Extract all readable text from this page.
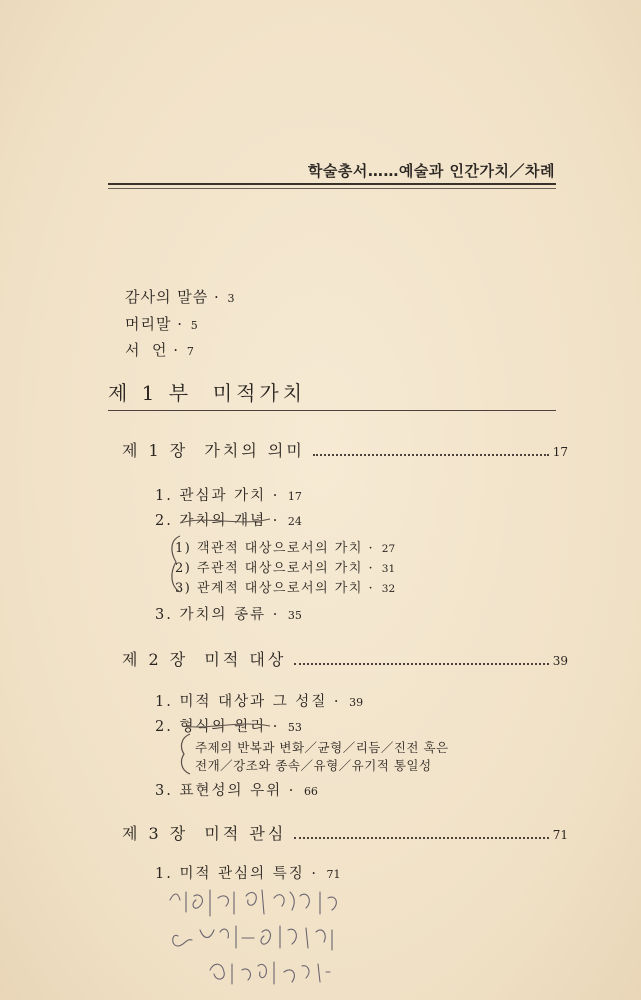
학술총서……예술과 인간가치／차례
감사의 말씀 · 3
머리말 · 5
서  언 · 7
제 1 부  미적가치
제 1 장  가치의 의미	17
1. 관심과 가치 · 17
2. 가치의 개념 · 24
1) 객관적 대상으로서의 가치 · 27
2) 주관적 대상으로서의 가치 · 31
3) 관계적 대상으로서의 가치 · 32
3. 가치의 종류 · 35
제 2 장  미적 대상	39
1. 미적 대상과 그 성질 · 39
2. 형식의 원리 · 53
주제의 반복과 변화／균형／리듬／진전 혹은
전개／강조와 종속／유형／유기적 통일성
3. 표현성의 우위 · 66
제 3 장  미적 관심	71
1. 미적 관심의 특징 · 71
